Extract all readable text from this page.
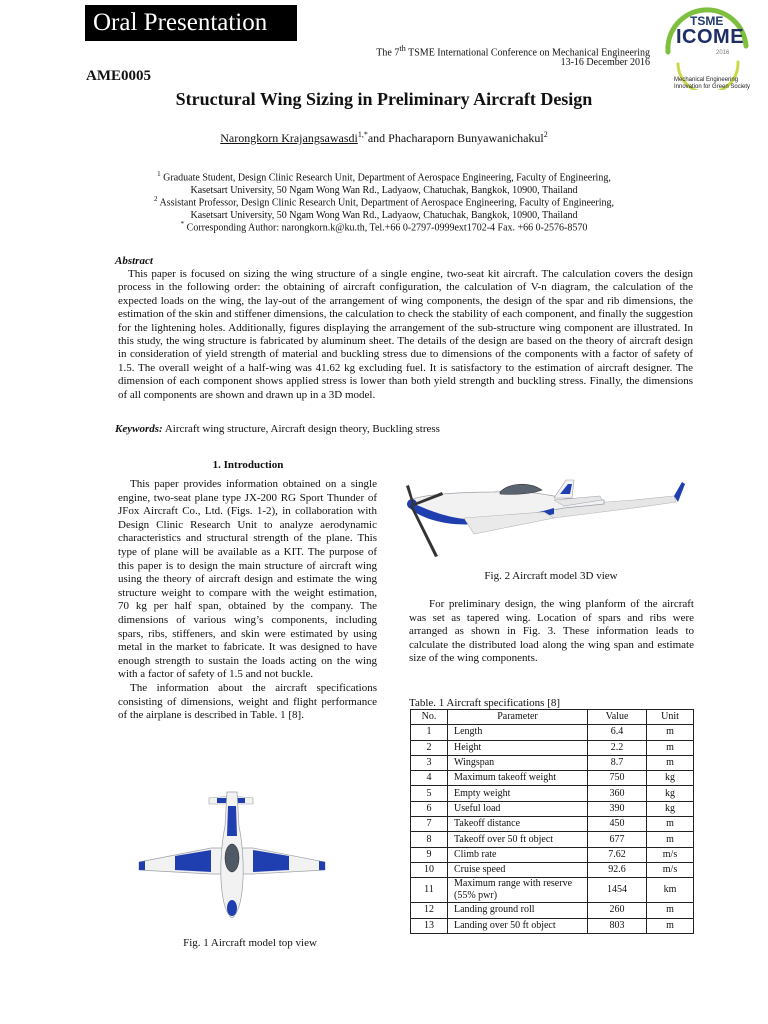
Oral Presentation
The 7th TSME International Conference on Mechanical Engineering
13-16 December 2016
TSME
ICOME
2016
Mechanical Engineering
Innovation for Green Society
AME0005
Structural Wing Sizing in Preliminary Aircraft Design
Narongkorn Krajangsawasdi$^{1,*}$and Phacharaporn Bunyawanichakul$^2$
$^1$ Graduate Student, Design Clinic Research Unit, Department of Aerospace Engineering, Faculty of Engineering,
Kasetsart University, 50 Ngam Wong Wan Rd., Ladyaow, Chatuchak, Bangkok, 10900, Thailand
$^2$ Assistant Professor, Design Clinic Research Unit, Department of Aerospace Engineering, Faculty of Engineering,
Kasetsart University, 50 Ngam Wong Wan Rd., Ladyaow, Chatuchak, Bangkok, 10900, Thailand
* Corresponding Author: narongkorn.k@ku.th, Tel.+66 0-2797-0999ext1702-4 Fax. +66 0-2576-8570
Abstract

This paper is focused on sizing the wing structure of a single engine, two-seat kit aircraft. The calculation covers the design process in the following order: the obtaining of aircraft configuration, the calculation of V-n diagram, the calculation of the expected loads on the wing, the lay-out of the arrangement of wing components, the design of the spar and rib dimensions, the estimation of the skin and stiffener dimensions, the calculation to check the stability of each component, and finally the suggestion for the lightening holes. Additionally, figures displaying the arrangement of the sub-structure wing component are illustrated. In this study, the wing structure is fabricated by aluminum sheet. The details of the design are based on the theory of aircraft design in consideration of yield strength of material and buckling stress due to dimensions of the components with a factor of safety of 1.5. The overall weight of a half-wing was 41.62 kg excluding fuel. It is satisfactory to the estimation of aircraft designer. The dimension of each component shows applied stress is lower than both yield strength and buckling stress. Finally, the dimensions of all components are shown and drawn up in a 3D model.

Keywords: Aircraft wing structure, Aircraft design theory, Buckling stress
1. Introduction

This paper provides information obtained on a single engine, two-seat plane type JX-200 RG Sport Thunder of JFox Aircraft Co., Ltd. (Figs. 1-2), in collaboration with Design Clinic Research Unit to analyze aerodynamic characteristics and structural strength of the plane. This type of plane will be available as a KIT. The purpose of this paper is to design the main structure of aircraft wing using the theory of aircraft design and estimate the wing structure weight to compare with the weight estimation, 70 kg per half span, obtained by the company. The dimensions of various wing’s components, including spars, ribs, stiffeners, and skin were estimated by using metal in the market to fabricate. It was designed to have enough strength to sustain the loads acting on the wing with a factor of safety of 1.5 and not buckle.

The information about the aircraft specifications consisting of dimensions, weight and flight performance of the airplane is described in Table. 1 [8].

Fig. 2 Aircraft model 3D view

For preliminary design, the wing planform of the aircraft was set as tapered wing. Location of spars and ribs were arranged as shown in Fig. 3. These information leads to calculate the distributed load along the wing span and estimate size of the wing components.

Fig. 1 Aircraft model top view
Table. 1 Aircraft specifications [8]
No.	Parameter	Value	Unit
1	Length	6.4	m
2	Height	2.2	m
3	Wingspan	8.7	m
4	Maximum takeoff weight	750	kg
5	Empty weight	360	kg
6	Useful load	390	kg
7	Takeoff distance	450	m
8	Takeoff over 50 ft object	677	m
9	Climb rate	7.62	m/s
10	Cruise speed	92.6	m/s
11	Maximum range with reserve (55% pwr)	1454	km
12	Landing ground roll	260	m
13	Landing over 50 ft object	803	m
